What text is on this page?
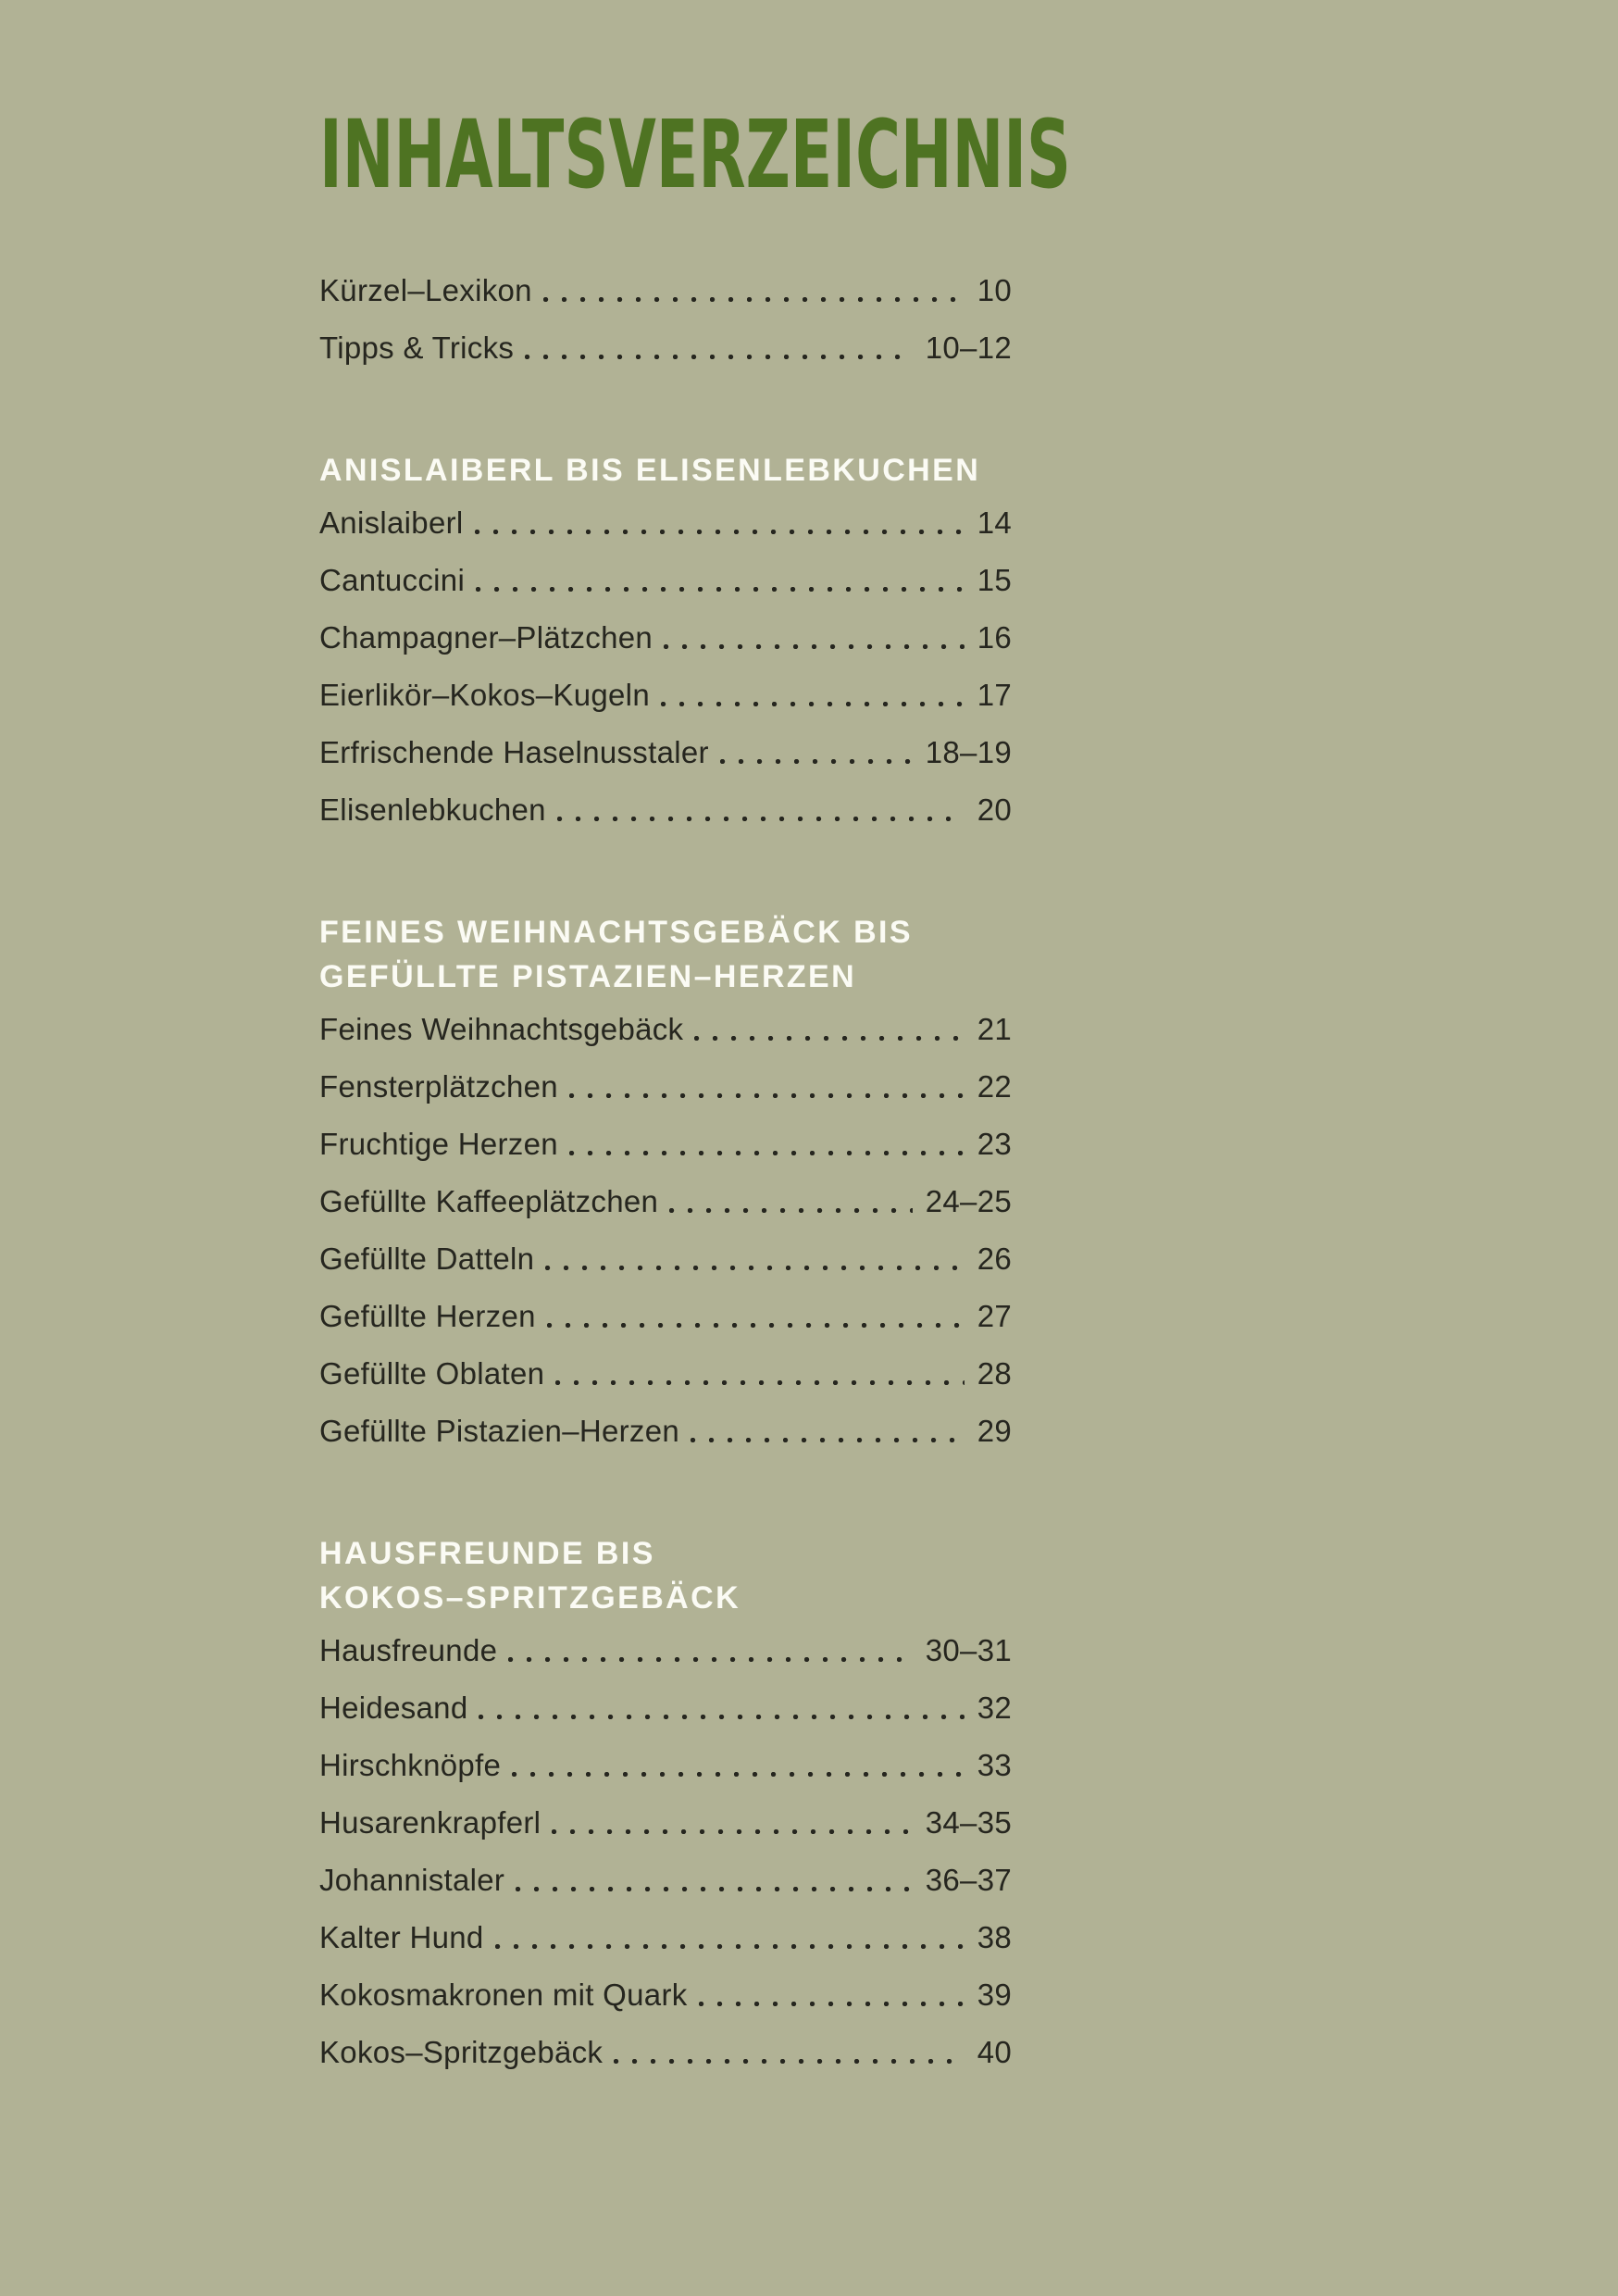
INHALTSVERZEICHNIS
Kürzel–Lexikon	10
Tipps & Tricks	10–12
ANISLAIBERL BIS ELISENLEBKUCHEN
Anislaiberl	14
Cantuccini	15
Champagner–Plätzchen	16
Eierlikör–Kokos–Kugeln	17
Erfrischende Haselnusstaler	18–19
Elisenlebkuchen	20
FEINES WEIHNACHTSGEBÄCK BIS
GEFÜLLTE PISTAZIEN–HERZEN
Feines Weihnachtsgebäck	21
Fensterplätzchen	22
Fruchtige Herzen	23
Gefüllte Kaffeeplätzchen	24–25
Gefüllte Datteln	26
Gefüllte Herzen	27
Gefüllte Oblaten	28
Gefüllte Pistazien–Herzen	29
HAUSFREUNDE BIS
KOKOS–SPRITZGEBÄCK
Hausfreunde	30–31
Heidesand	32
Hirschknöpfe	33
Husarenkrapferl	34–35
Johannistaler	36–37
Kalter Hund	38
Kokosmakronen mit Quark	39
Kokos–Spritzgebäck	40
